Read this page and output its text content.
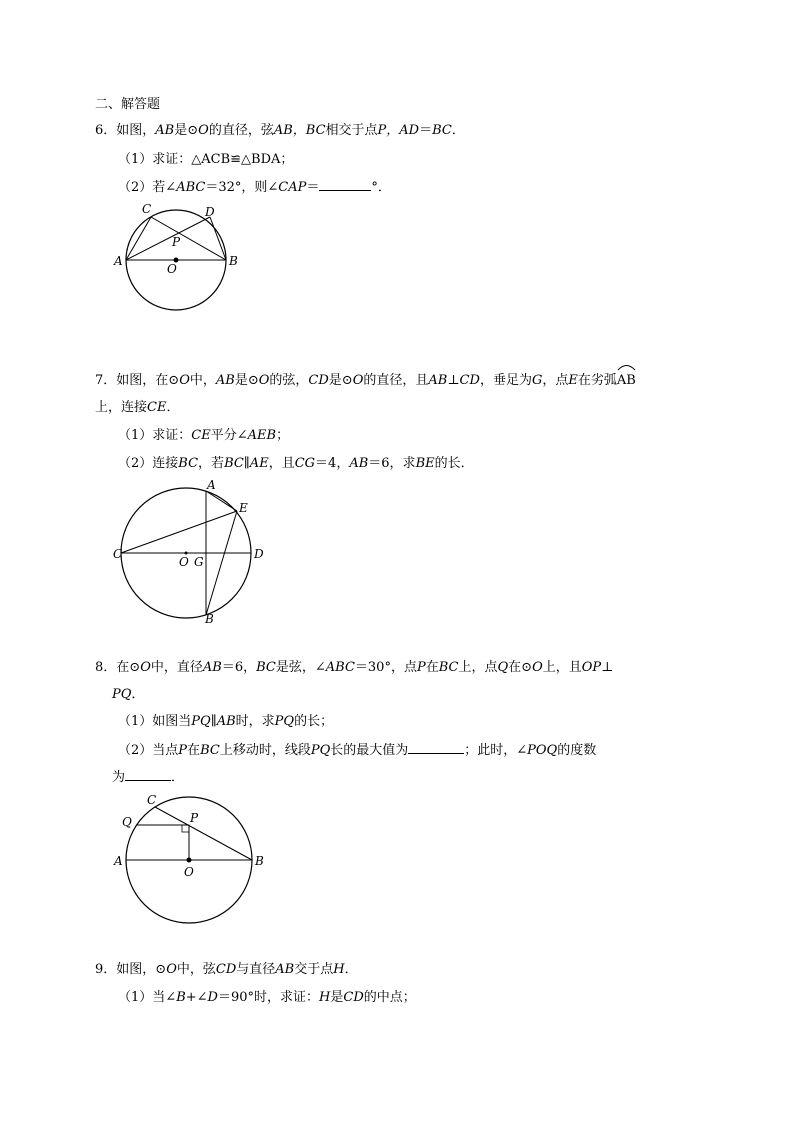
二、解答题
6．如图，AB是⊙O的直径，弦AB，BC相交于点P，AD＝BC．
（1）求证：△ACB≌△BDA；
（2）若∠ABC＝32°，则∠CAP＝	°．
A	B
C	D
P
O
7．如图，在⊙O中，AB是⊙O的弦，CD是⊙O的直径，且AB⊥CD，垂足为G，点E在劣弧
AB
上，连接CE．
（1）求证：CE平分∠AEB；
（2）连接BC，若BC∥AE，且CG＝4，AB＝6，求BE的长．
C	D
A
B
E
O G
8．在⊙O中，直径AB＝6，BC是弦，∠ABC＝30°，点P在BC上，点Q在⊙O上，且OP⊥
PQ．
（1）如图当PQ∥AB时，求PQ的长；
（2）当点P在BC上移动时，线段PQ长的最大值为	；此时，∠POQ的度数
为	．
A	B
C
Q	P
O
9．如图，⊙O中，弦CD与直径AB交于点H．
（1）当∠B+∠D＝90°时，求证：H是CD的中点；
